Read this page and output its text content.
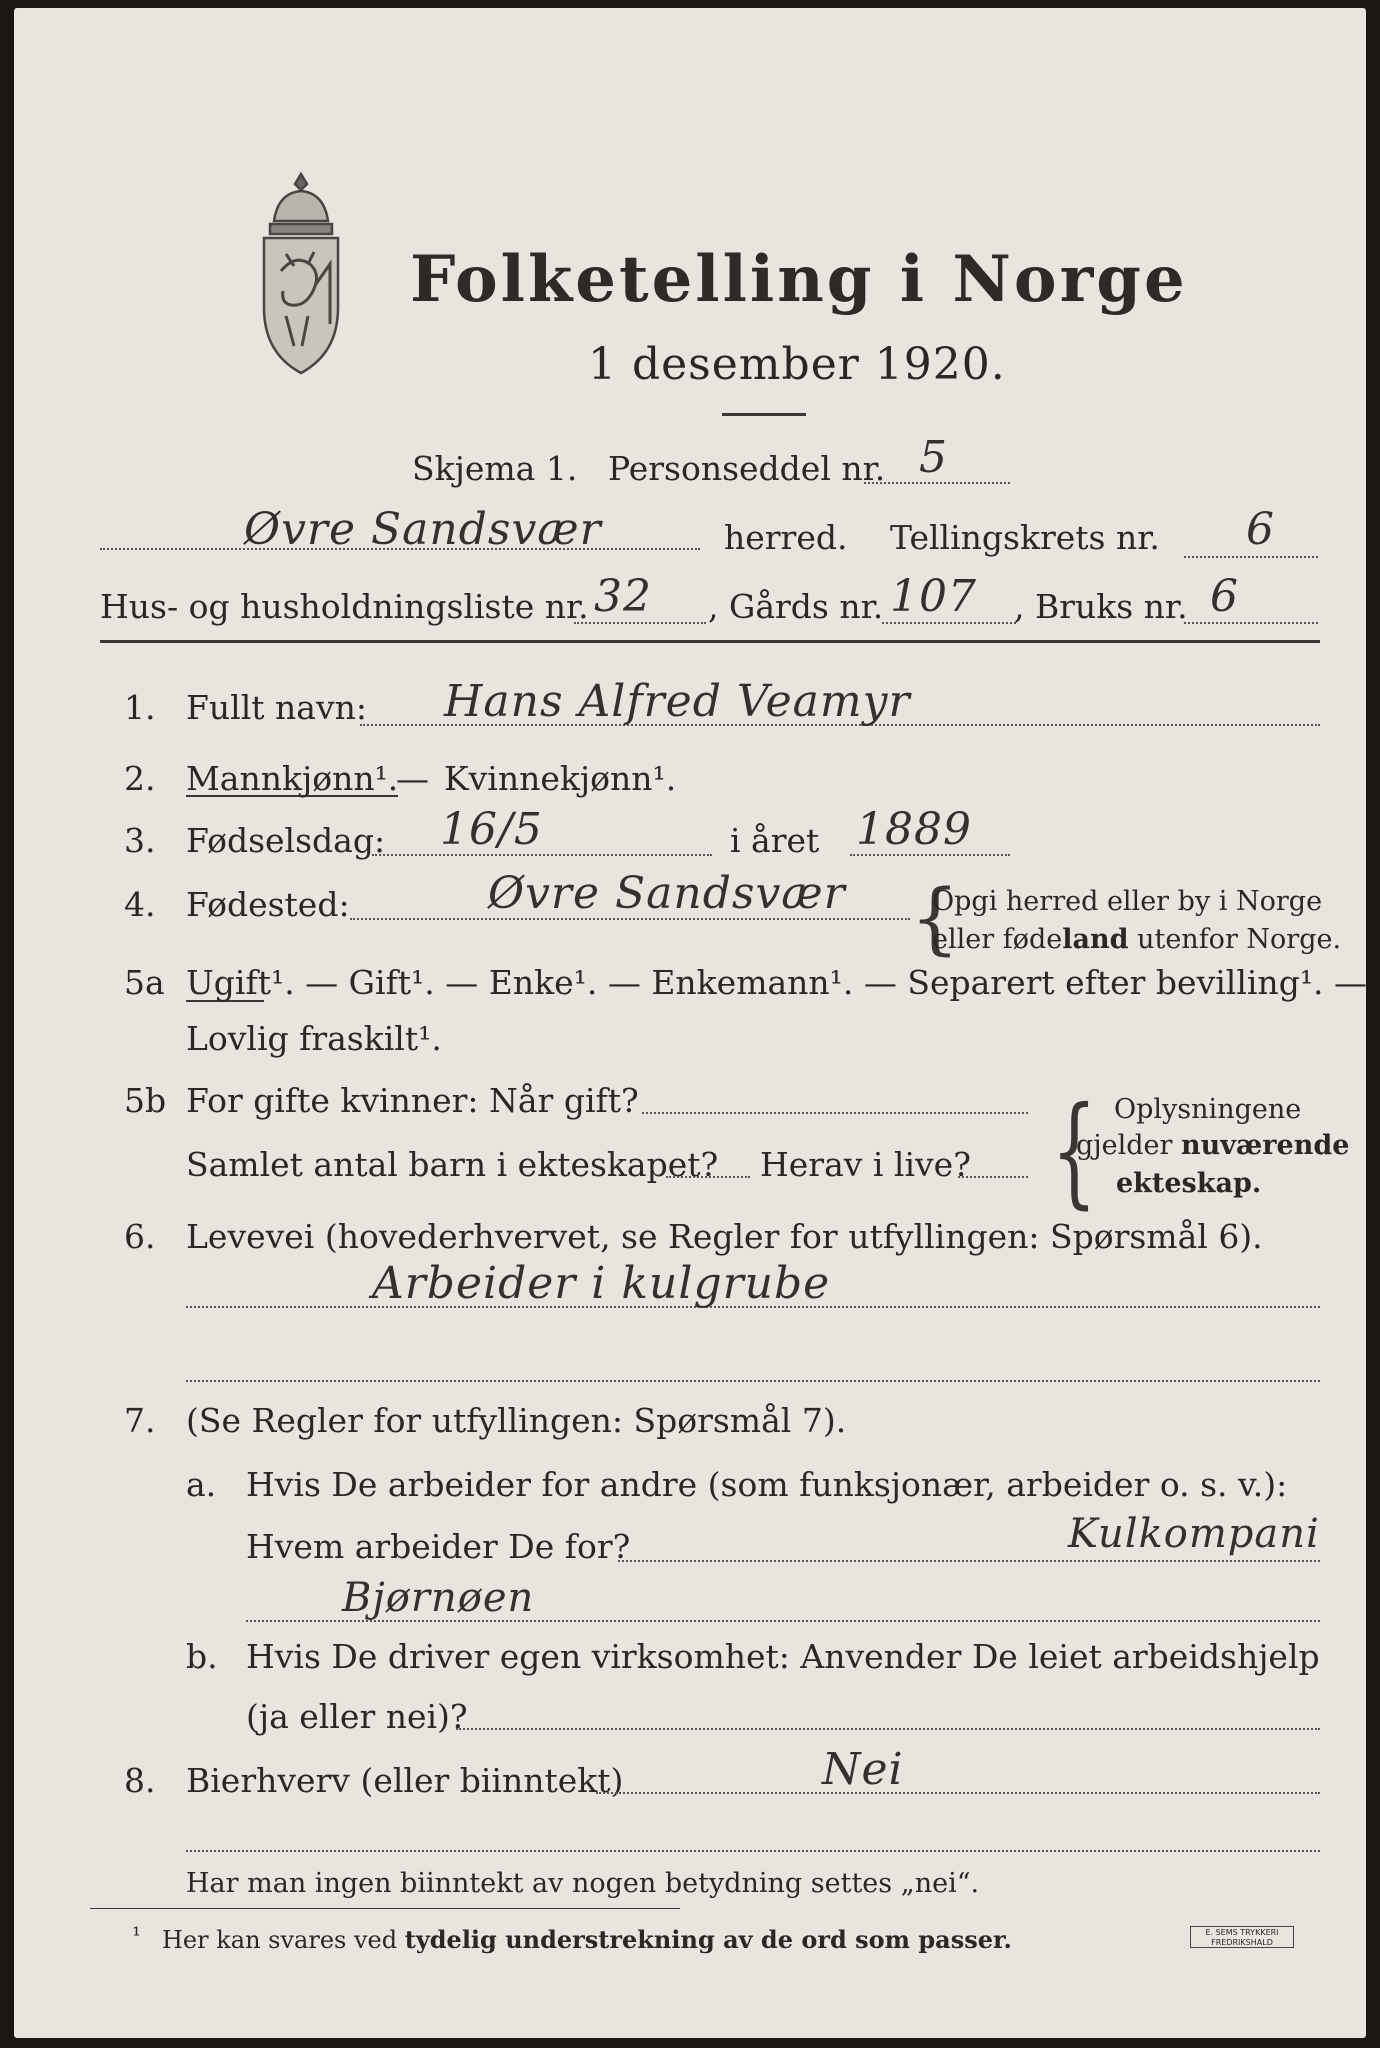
Folketelling i Norge
1 desember 1920.
Skjema 1. Personseddel nr. 5
Øvre Sandsvær	herred. Tellingskrets nr. 6
Hus- og husholdningsliste nr. 32 , Gårds nr. 107 , Bruks nr. 6
1. Fullt navn: Hans Alfred Veamyr
2. Mannkjønn¹.
— Kvinnekjønn¹.
3. Fødselsdag: 16/5	i året 1889
4. Fødested:	Øvre Sandsvær {
Opgi herred eller by i Norge
eller fødeland utenfor Norge.
5a Ugift¹. — Gift¹. — Enke¹. — Enkemann¹. — Separert efter bevilling¹. —
Lovlig fraskilt¹.
5b For gifte kvinner: Når gift?
Samlet antal barn i ekteskapet? Herav i live? { Oplysningene
gjelder nuværende
ekteskap.
6. Levevei (hovederhvervet, se Regler for utfyllingen: Spørsmål 6).
Arbeider i kulgrube
7. (Se Regler for utfyllingen: Spørsmål 7).
a. Hvis De arbeider for andre (som funksjonær, arbeider o. s. v.):
Hvem arbeider De for?	Kulkompani
Bjørnøen
b. Hvis De driver egen virksomhet: Anvender De leiet arbeidshjelp
(ja eller nei)?
8. Bierhverv (eller biinntekt)	Nei
Har man ingen biinntekt av nogen betydning settes „nei“.
¹ Her kan svares ved tydelig understrekning av de ord som passer.	E. SEMS TRYKKERI FREDRIKSHALD
